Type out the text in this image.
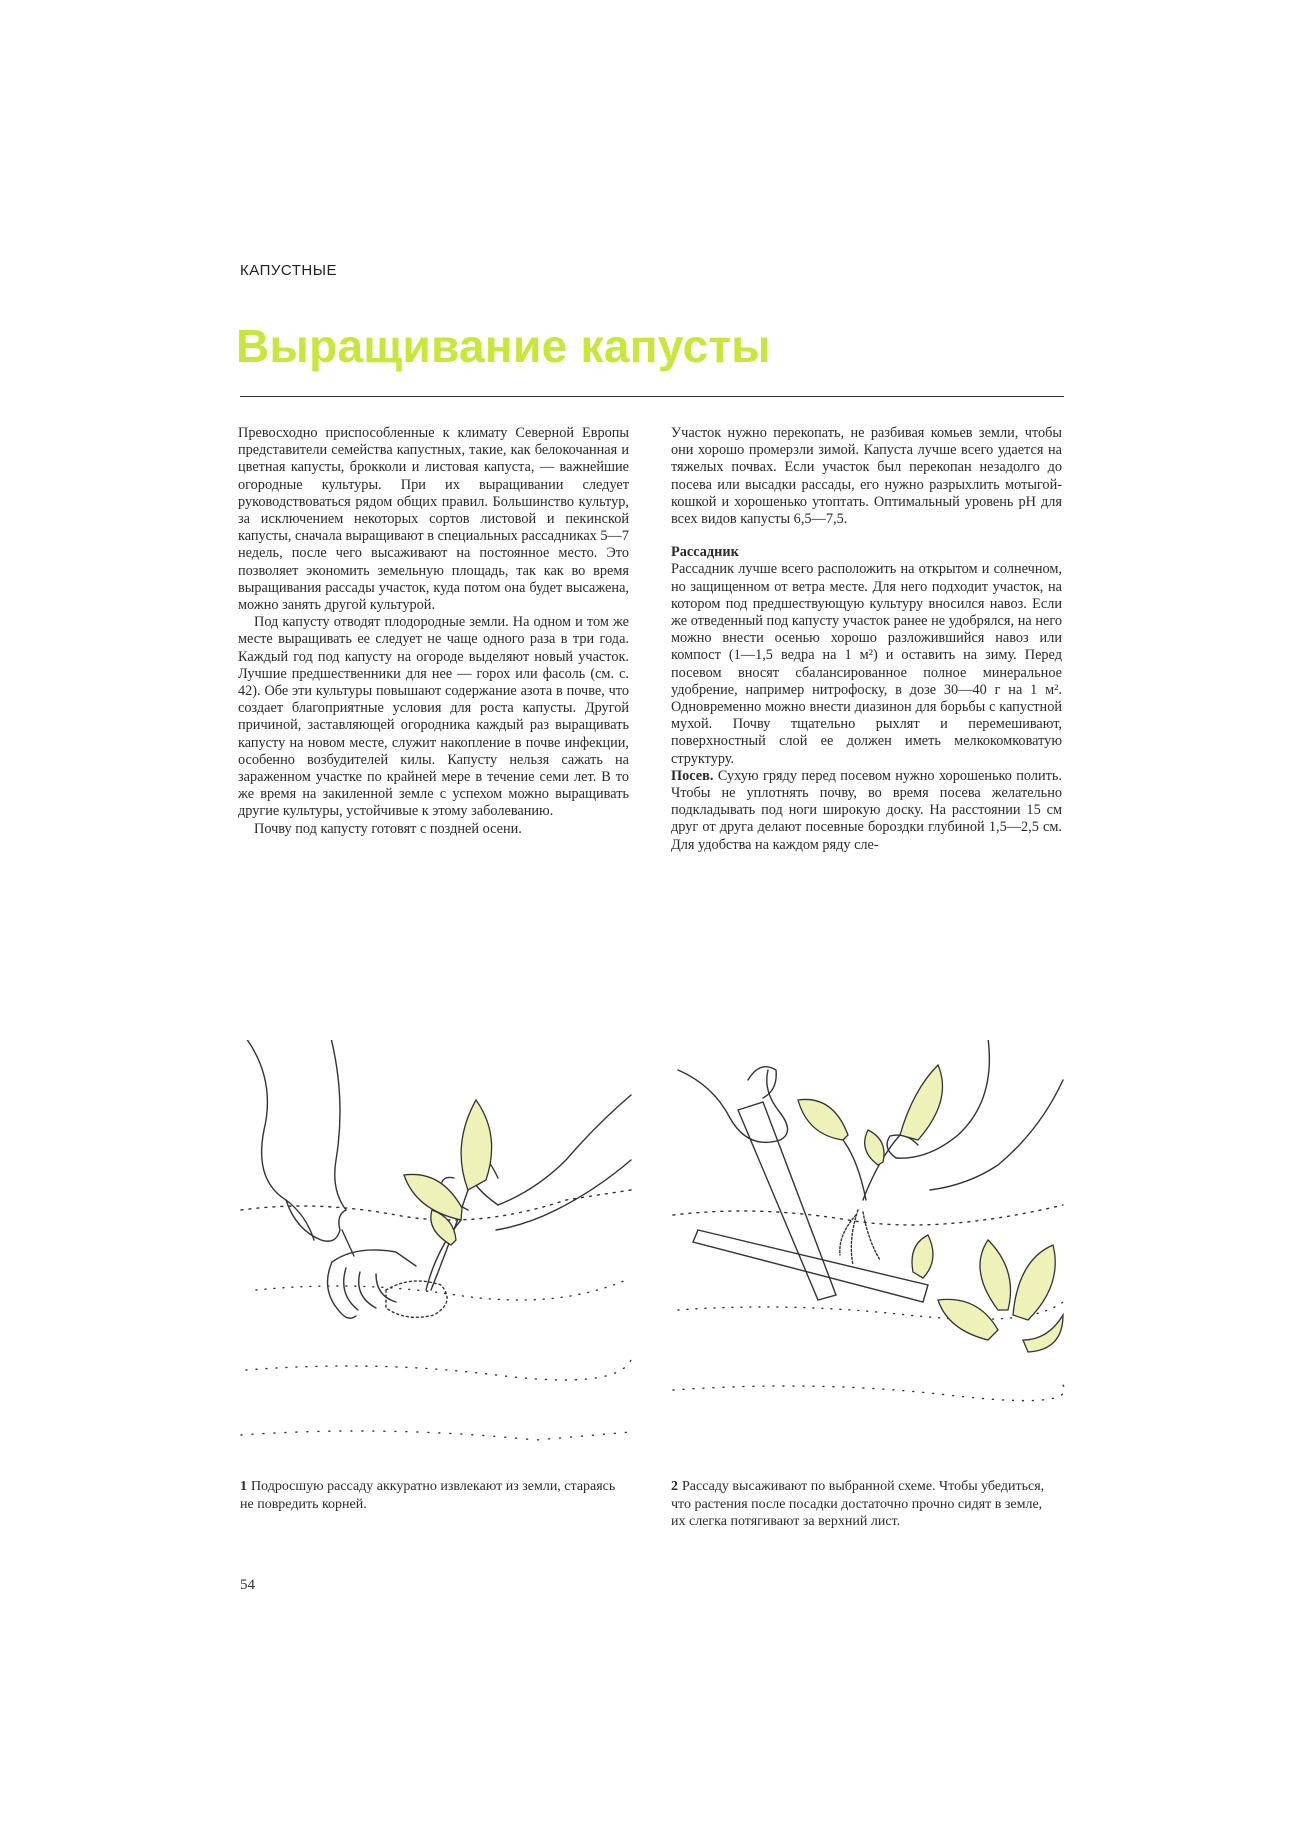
КАПУСТНЫЕ
Выращивание капусты

Превосходно приспособленные к климату Северной Европы представители семейства капустных, такие, как белокочанная и цветная капусты, брокколи и листовая капуста, — важнейшие огородные культуры. При их выращивании следует руководствоваться рядом общих правил. Большинство культур, за исключением некоторых сортов листовой и пекинской капусты, сначала выращивают в специальных рассадниках 5—7 недель, после чего высаживают на постоянное место. Это позволяет экономить земельную площадь, так как во время выращивания рассады участок, куда потом она будет высажена, можно занять другой культурой.

Под капусту отводят плодородные земли. На одном и том же месте выращивать ее следует не чаще одного раза в три года. Каждый год под капусту на огороде выделяют новый участок. Лучшие предшественники для нее — горох или фасоль (см. с. 42). Обе эти культуры повышают содержание азота в почве, что создает благоприятные условия для роста капусты. Другой причиной, заставляющей огородника каждый раз выращивать капусту на новом месте, служит накопление в почве инфекции, особенно возбудителей килы. Капусту нельзя сажать на зараженном участке по крайней мере в течение семи лет. В то же время на закиленной земле с успехом можно выращивать другие культуры, устойчивые к этому заболеванию.

Почву под капусту готовят с поздней осени.

Участок нужно перекопать, не разбивая комьев земли, чтобы они хорошо промерзли зимой. Капуста лучше всего удается на тяжелых почвах. Если участок был перекопан незадолго до посева или высадки рассады, его нужно разрыхлить мотыгой-кошкой и хорошенько утоптать. Оптимальный уровень pH для всех видов капусты 6,5—7,5.

Рассадник

Рассадник лучше всего расположить на открытом и солнечном, но защищенном от ветра месте. Для него подходит участок, на котором под предшествующую культуру вносился навоз. Если же отведенный под капусту участок ранее не удобрялся, на него можно внести осенью хорошо разложившийся навоз или компост (1—1,5 ведра на 1 м²) и оставить на зиму. Перед посевом вносят сбалансированное полное минеральное удобрение, например нитрофоску, в дозе 30—40 г на 1 м². Одновременно можно внести диазинон для борьбы с капустной мухой. Почву тщательно рыхлят и перемешивают, поверхностный слой ее должен иметь мелкокомковатую структуру.

Посев. Сухую гряду перед посевом нужно хорошенько полить. Чтобы не уплотнять почву, во время посева желательно подкладывать под ноги широкую доску. На расстоянии 15 см друг от друга делают посевные бороздки глубиной 1,5—2,5 см. Для удобства на каждом ряду сле-

1 Подросшую рассаду аккуратно извлекают из земли, стараясь не повредить корней.
2 Рассаду высаживают по выбранной схеме. Чтобы убедиться, что растения после посадки достаточно прочно сидят в земле, их слегка потягивают за верхний лист.
54
